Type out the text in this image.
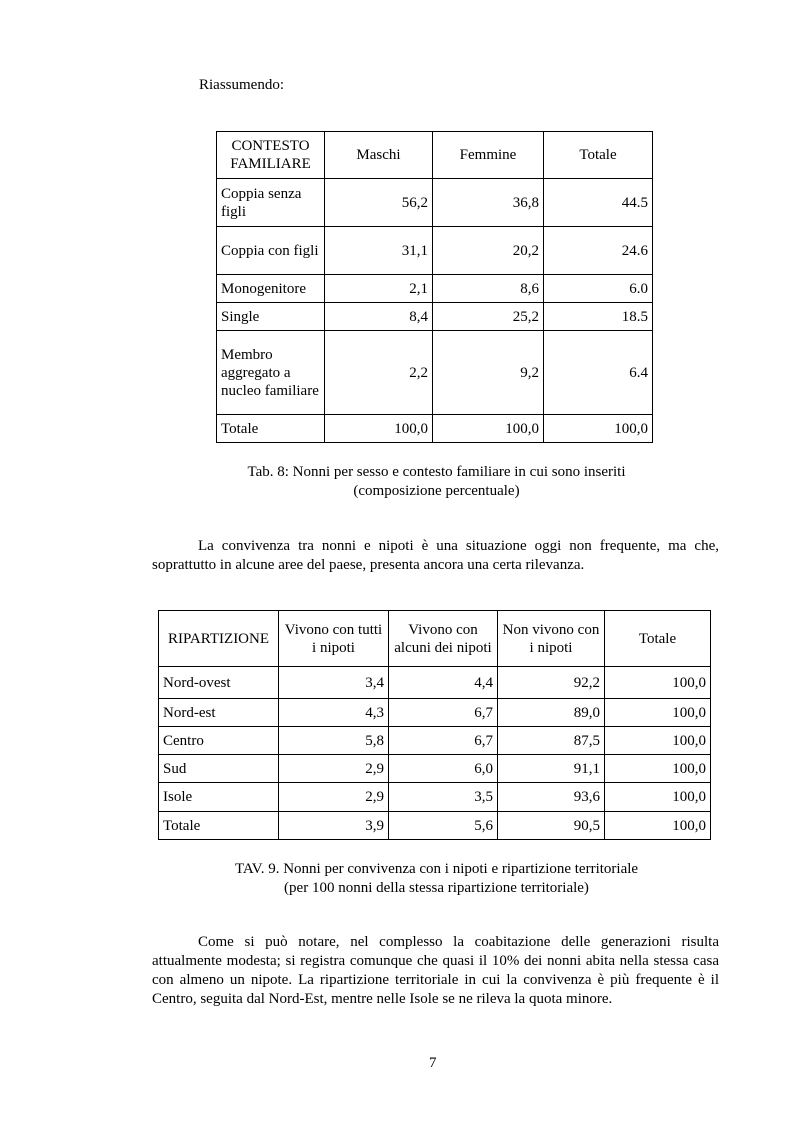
Riassumendo:
CONTESTO FAMILIARE	Maschi	Femmine	Totale
Coppia senza figli	56,2	36,8	44.5
Coppia con figli	31,1	20,2	24.6
Monogenitore	2,1	8,6	6.0
Single	8,4	25,2	18.5
Membro aggregato a nucleo familiare	2,2	9,2	6.4
Totale	100,0	100,0	100,0
Tab. 8: Nonni per sesso e contesto familiare in cui sono inseriti
(composizione percentuale)
La convivenza tra nonni e nipoti è una situazione oggi non frequente, ma che, soprattutto in alcune aree del paese, presenta ancora una certa rilevanza.
RIPARTIZIONE	Vivono con tutti i nipoti	Vivono con alcuni dei nipoti	Non vivono con i nipoti	Totale
Nord-ovest	3,4	4,4	92,2	100,0
Nord-est	4,3	6,7	89,0	100,0
Centro	5,8	6,7	87,5	100,0
Sud	2,9	6,0	91,1	100,0
Isole	2,9	3,5	93,6	100,0
Totale	3,9	5,6	90,5	100,0
TAV. 9. Nonni per convivenza con i nipoti e ripartizione territoriale
(per 100 nonni della stessa ripartizione territoriale)
Come si può notare, nel complesso la coabitazione delle generazioni risulta attualmente modesta; si registra comunque che quasi il 10% dei nonni abita nella stessa casa con almeno un nipote. La ripartizione territoriale in cui la convivenza è più frequente è il Centro, seguita dal Nord-Est, mentre nelle Isole se ne rileva la quota minore.
7
